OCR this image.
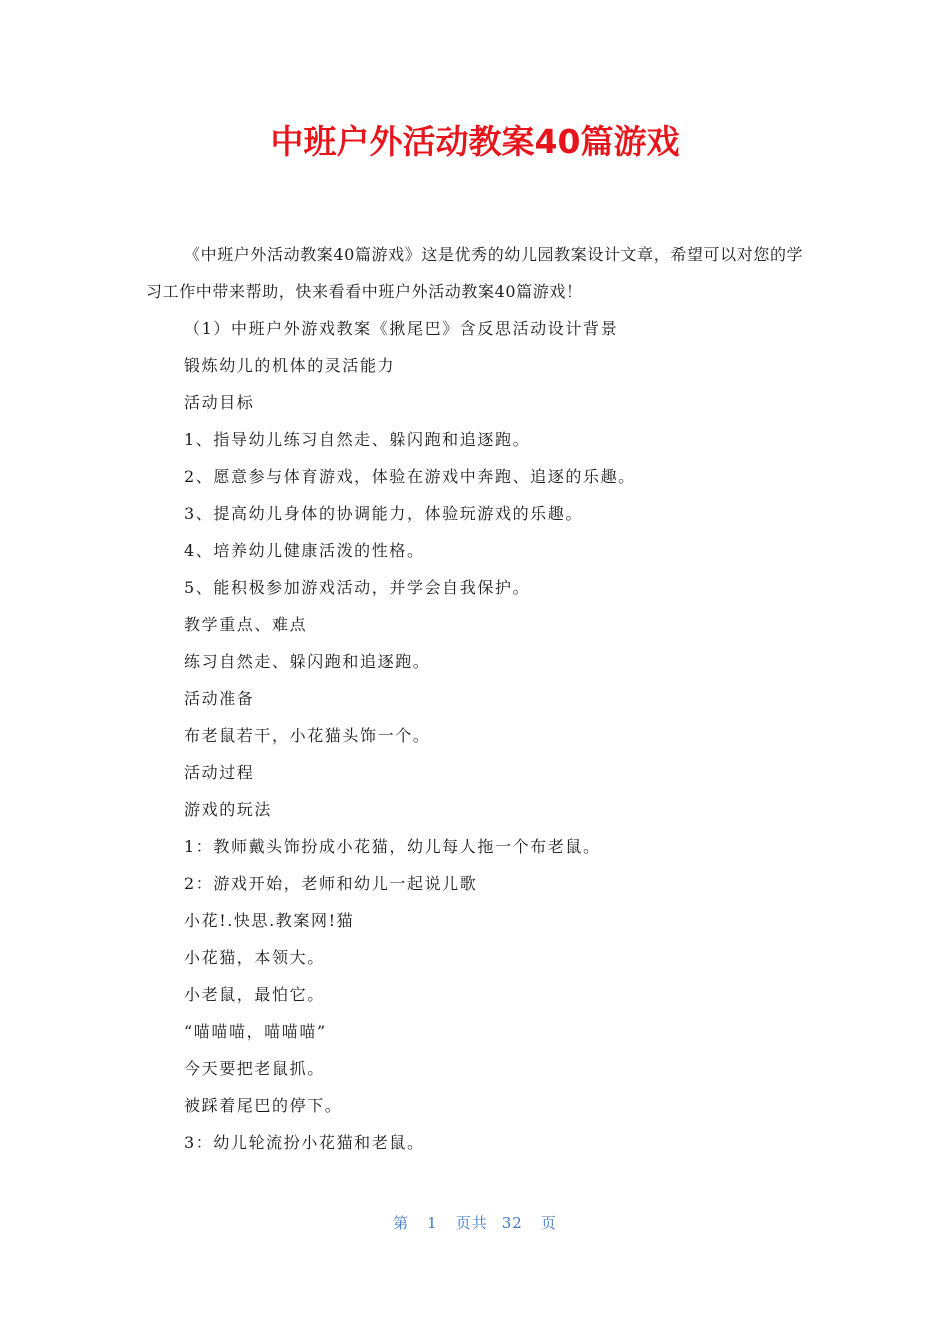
中班户外活动教案40篇游戏

《中班户外活动教案40篇游戏》这是优秀的幼儿园教案设计文章，希望可以对您的学习工作中带来帮助，快来看看中班户外活动教案40篇游戏！

（1）中班户外游戏教案《揪尾巴》含反思活动设计背景

锻炼幼儿的机体的灵活能力

活动目标

1、指导幼儿练习自然走、躲闪跑和追逐跑。

2、愿意参与体育游戏，体验在游戏中奔跑、追逐的乐趣。

3、提高幼儿身体的协调能力，体验玩游戏的乐趣。

4、培养幼儿健康活泼的性格。

5、能积极参加游戏活动，并学会自我保护。

教学重点、难点

练习自然走、躲闪跑和追逐跑。

活动准备

布老鼠若干，小花猫头饰一个。

活动过程

游戏的玩法

1：教师戴头饰扮成小花猫，幼儿每人拖一个布老鼠。

2：游戏开始，老师和幼儿一起说儿歌

小花!.快思.教案网!猫

小花猫，本领大。

小老鼠，最怕它。

“喵喵喵，喵喵喵”

今天要把老鼠抓。

被踩着尾巴的停下。

3：幼儿轮流扮小花猫和老鼠。

第 1 页共 32 页
